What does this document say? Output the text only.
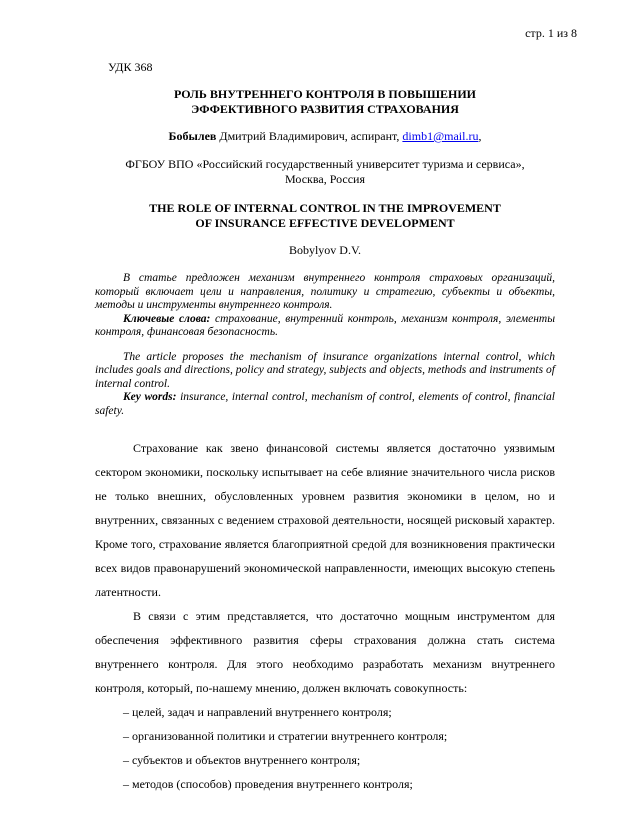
стр. 1 из 8
УДК 368
РОЛЬ ВНУТРЕННЕГО КОНТРОЛЯ В ПОВЫШЕНИИ
ЭФФЕКТИВНОГО РАЗВИТИЯ СТРАХОВАНИЯ
Бобылев Дмитрий Владимирович, аспирант, dimb1@mail.ru,
ФГБОУ ВПО «Российский государственный университет туризма и сервиса»,
Москва, Россия
THE ROLE OF INTERNAL CONTROL IN THE IMPROVEMENT
OF INSURANCE EFFECTIVE DEVELOPMENT
Bobylyov D.V.

В статье предложен механизм внутреннего контроля страховых организаций, который включает цели и направления, политику и стратегию, субъекты и объекты, методы и инструменты внутреннего контроля.

Ключевые слова: страхование, внутренний контроль, механизм контроля, элементы контроля, финансовая безопасность.

The article proposes the mechanism of insurance organizations internal control, which includes goals and directions, policy and strategy, subjects and objects, methods and instruments of internal control.

Key words: insurance, internal control, mechanism of control, elements of control, financial safety.

Страхование как звено финансовой системы является достаточно уязвимым сектором экономики, поскольку испытывает на себе влияние значительного числа рисков не только внешних, обусловленных уровнем развития экономики в целом, но и внутренних, связанных с ведением страховой деятельности, носящей рисковый характер. Кроме того, страхование является благоприятной средой для возникновения практически всех видов правонарушений экономической направленности, имеющих высокую степень латентности.

В связи с этим представляется, что достаточно мощным инструментом для обеспечения эффективного развития сферы страхования должна стать система внутреннего контроля. Для этого необходимо разработать механизм внутреннего контроля, который, по-нашему мнению, должен включать совокупность:

– целей, задач и направлений внутреннего контроля;
– организованной политики и стратегии внутреннего контроля;
– субъектов и объектов внутреннего контроля;
– методов (способов) проведения внутреннего контроля;
